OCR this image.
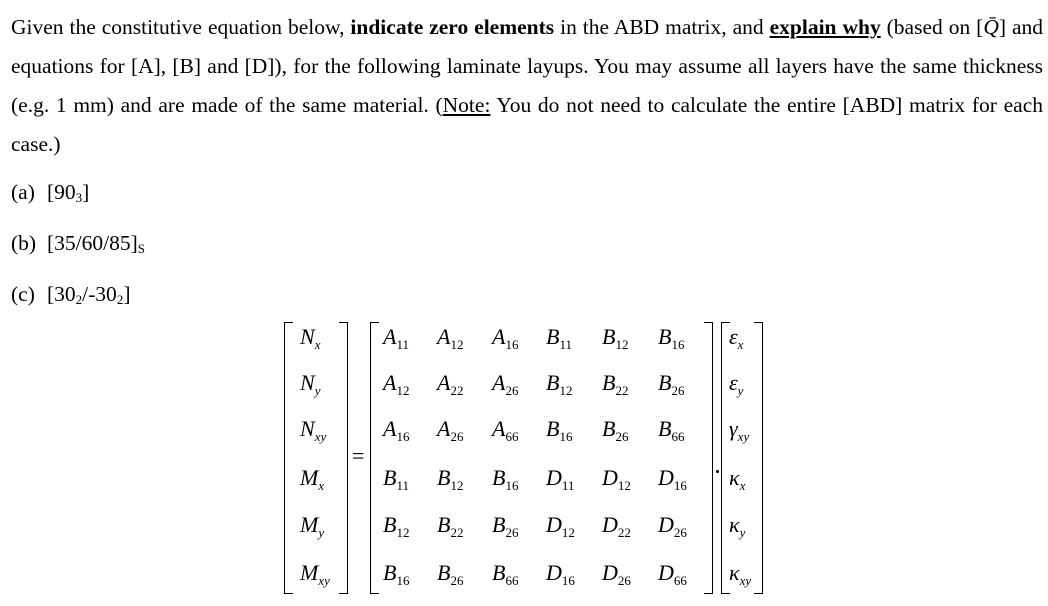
Given the constitutive equation below, indicate zero elements in the ABD matrix, and explain why (based on [Q̄] and equations for [A], [B] and [D]), for the following laminate layups. You may assume all layers have the same thickness (e.g. 1 mm) and are made of the same material. (Note: You do not need to calculate the entire [ABD] matrix for each case.)
(a) $[90_3]$
(b) $[35/60/85]_S$
(c) $[30_2/-30_2]$
$N_x$
$N_y$
$N_{xy}$
$M_x$
$M_y$
$M_{xy}$
=
$A_{11}$ $A_{12}$ $A_{16}$ $B_{11}$ $B_{12}$ $B_{16}$
$A_{12}$ $A_{22}$ $A_{26}$ $B_{12}$ $B_{22}$ $B_{26}$
$A_{16}$ $A_{26}$ $A_{66}$ $B_{16}$ $B_{26}$ $B_{66}$
$B_{11}$ $B_{12}$ $B_{16}$ $D_{11}$ $D_{12}$ $D_{16}$
$B_{12}$ $B_{22}$ $B_{26}$ $D_{12}$ $D_{22}$ $D_{26}$
$B_{16}$ $B_{26}$ $B_{66}$ $D_{16}$ $D_{26}$ $D_{66}$
$\varepsilon_x$
$\varepsilon_y$
$\gamma_{xy}$
$\kappa_x$
$\kappa_y$
$\kappa_{xy}$
